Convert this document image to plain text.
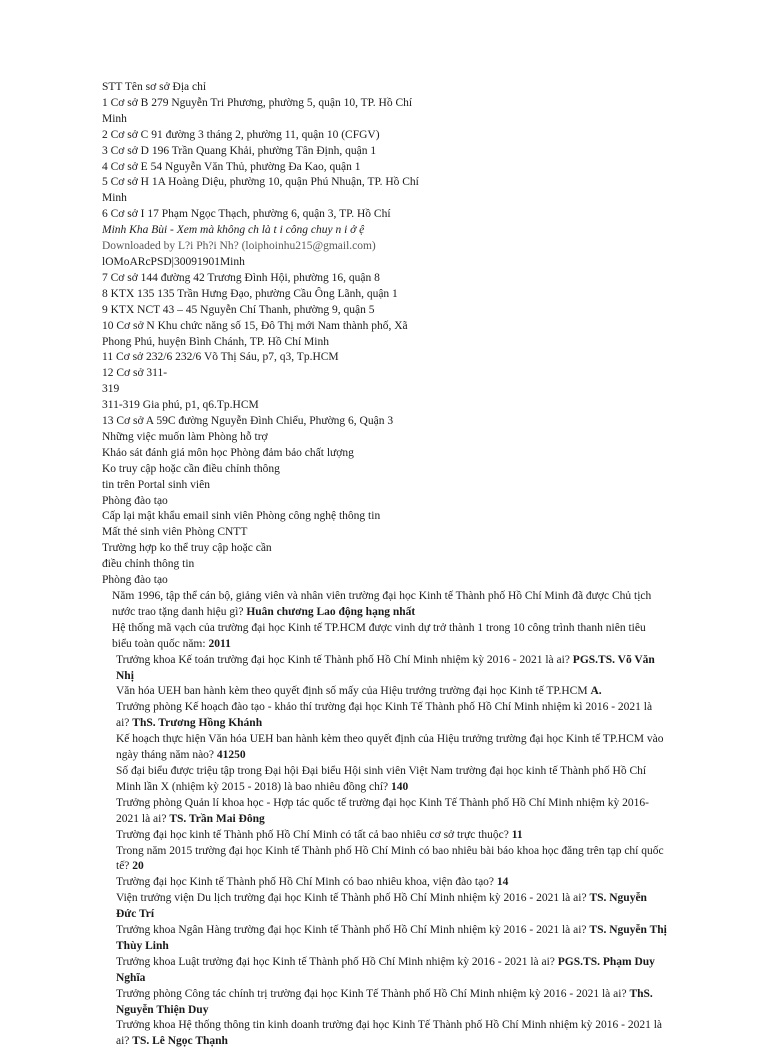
STT Tên sơ sở Địa chỉ
1 Cơ sở B 279 Nguyễn Tri Phương, phường 5, quận 10, TP. Hồ Chí
Minh
2 Cơ sở C 91 đường 3 tháng 2, phường 11, quận 10 (CFGV)
3 Cơ sở D 196 Trần Quang Khải, phường Tân Định, quận 1
4 Cơ sở E 54 Nguyễn Văn Thủ, phường Đa Kao, quận 1
5 Cơ sở H 1A Hoàng Diệu, phường 10, quận Phú Nhuận, TP. Hồ Chí
Minh
6 Cơ sở I 17 Phạm Ngọc Thạch, phường 6, quận 3, TP. Hồ Chí
Minh Kha Bùi - Xem mà không ch là t i công chuy n i ở ệ
Downloaded by L?i Ph?i Nh? (loiphoinhu215@gmail.com)
lOMoARcPSD|30091901Minh
7 Cơ sở 144 đường 42 Trương Đình Hội, phường 16, quận 8
8 KTX 135 135 Trần Hưng Đạo, phường Cầu Ông Lãnh, quận 1
9 KTX NCT 43 – 45 Nguyễn Chí Thanh, phường 9, quận 5
10 Cơ sở N Khu chức năng số 15, Đô Thị mới Nam thành phố, Xã
Phong Phú, huyện Bình Chánh, TP. Hồ Chí Minh
11 Cơ sở 232/6 232/6 Võ Thị Sáu, p7, q3, Tp.HCM
12 Cơ sở 311-
319
311-319 Gia phú, p1, q6.Tp.HCM
13 Cơ sở A 59C đường Nguyễn Đình Chiểu, Phường 6, Quận 3
Những việc muốn làm Phòng hỗ trợ
Khảo sát đánh giá môn học Phòng đảm bảo chất lượng
Ko truy cập hoặc cần điều chỉnh thông
tin trên Portal sinh viên
Phòng đào tạo
Cấp lại mật khẩu email sinh viên Phòng công nghệ thông tin
Mất thẻ sinh viên Phòng CNTT
Trường hợp ko thể truy cập hoặc cần
điều chỉnh thông tin
Phòng đào tạo
Năm 1996, tập thể cán bộ, giảng viên và nhân viên trường đại học Kinh tế Thành phố Hồ Chí Minh đã được Chủ tịch nước trao tặng danh hiệu gì? Huân chương Lao động hạng nhất
Hệ thống mã vạch của trường đại học Kinh tế TP.HCM được vinh dự trở thành 1 trong 10 công trình thanh niên tiêu biểu toàn quốc năm: 2011
Trưởng khoa Kế toán trường đại học Kinh tế Thành phố Hồ Chí Minh nhiệm kỳ 2016 - 2021 là ai? PGS.TS. Võ Văn Nhị
Văn hóa UEH ban hành kèm theo quyết định số mấy của Hiệu trưởng trường đại học Kinh tế TP.HCM A.
Trưởng phòng Kế hoạch đào tạo - khảo thí trường đại học Kinh Tế Thành phố Hồ Chí Minh nhiệm kì 2016 - 2021 là ai? ThS. Trương Hồng Khánh
Kế hoạch thực hiện Văn hóa UEH ban hành kèm theo quyết định của Hiệu trưởng trường đại học Kinh tế TP.HCM vào ngày tháng năm nào? 41250
Số đại biểu được triệu tập trong Đại hội Đại biểu Hội sinh viên Việt Nam trường đại học kinh tế Thành phố Hồ Chí Minh lần X (nhiệm kỳ 2015 - 2018) là bao nhiêu đồng chí? 140
Trưởng phòng Quản lí khoa học - Hợp tác quốc tế trường đại học Kinh Tế Thành phố Hồ Chí Minh nhiệm kỳ 2016-2021 là ai? TS. Trần Mai Đông
Trường đại học kinh tế Thành phố Hồ Chí Minh có tất cả bao nhiêu cơ sở trực thuộc? 11
Trong năm 2015 trường đại học Kinh tế Thành phố Hồ Chí Minh có bao nhiêu bài báo khoa học đăng trên tạp chí quốc tế? 20
Trường đại học Kinh tế Thành phố Hồ Chí Minh có bao nhiêu khoa, viện đào tạo? 14
Viện trưởng viện Du lịch trường đại học Kinh tế Thành phố Hồ Chí Minh nhiệm kỳ 2016 - 2021 là ai? TS. Nguyễn Đức Trí
Trưởng khoa Ngân Hàng trường đại học Kinh tế Thành phố Hồ Chí Minh nhiệm kỳ 2016 - 2021 là ai? TS. Nguyễn Thị Thùy Linh
Trưởng khoa Luật trường đại học Kinh tế Thành phố Hồ Chí Minh nhiệm kỳ 2016 - 2021 là ai? PGS.TS. Phạm Duy Nghĩa
Trưởng phòng Công tác chính trị trường đại học Kinh Tế Thành phố Hồ Chí Minh nhiệm kỳ 2016 - 2021 là ai? ThS. Nguyễn Thiện Duy
Trưởng khoa Hệ thống thông tin kinh doanh trường đại học Kinh Tế Thành phố Hồ Chí Minh nhiệm kỳ 2016 - 2021 là ai? TS. Lê Ngọc Thạnh
